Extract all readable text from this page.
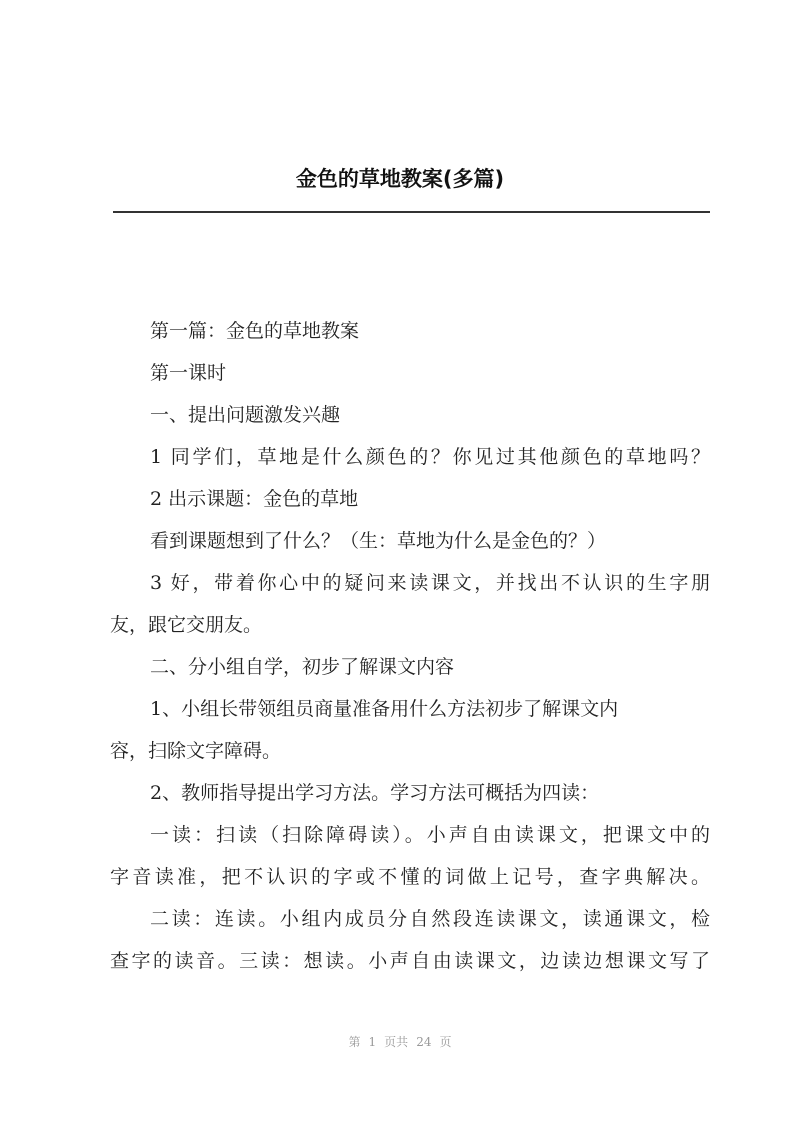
金色的草地教案(多篇)
第一篇：金色的草地教案
第一课时
一、提出问题激发兴趣
1 同学们，草地是什么颜色的？你见过其他颜色的草地吗？
2 出示课题：金色的草地
看到课题想到了什么？（生：草地为什么是金色的？）
3 好，带着你心中的疑问来读课文，并找出不认识的生字朋
友，跟它交朋友。
二、分小组自学，初步了解课文内容
1、小组长带领组员商量准备用什么方法初步了解课文内
容，扫除文字障碍。
2、教师指导提出学习方法。学习方法可概括为四读：
一读：扫读（扫除障碍读）。小声自由读课文，把课文中的
字音读准，把不认识的字或不懂的词做上记号，查字典解决。
二读：连读。小组内成员分自然段连读课文，读通课文，检
查字的读音。三读：想读。小声自由读课文，边读边想课文写了
第 1 页共 24 页
